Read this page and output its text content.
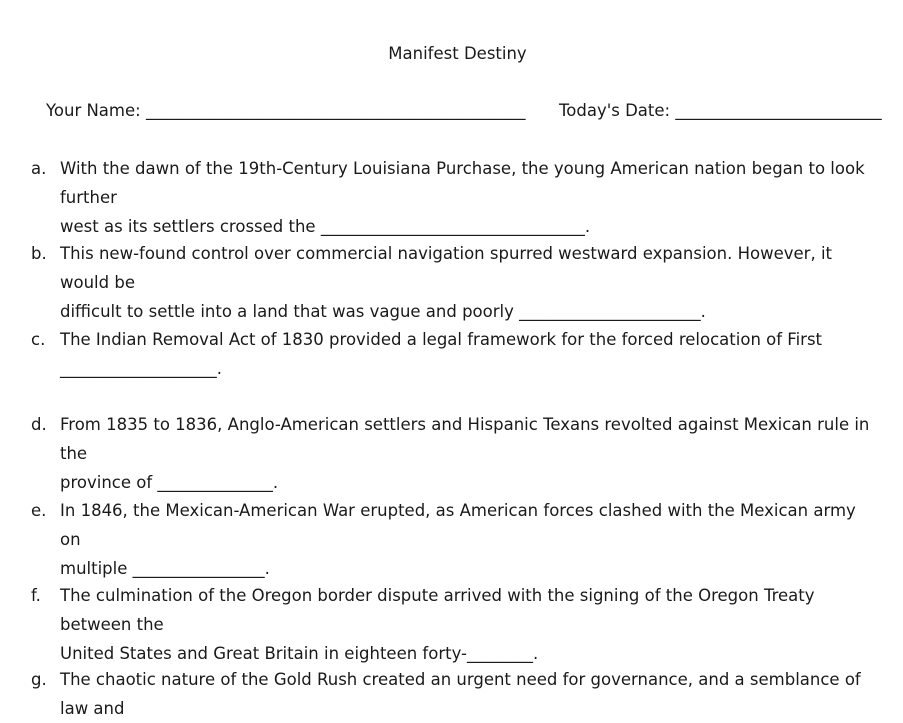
Manifest Destiny
Your Name: ______________________________________________ Today's Date: _________________________
a. With the dawn of the 19th-Century Louisiana Purchase, the young American nation began to look further
west as its settlers crossed the ________________________________.
b. This new-found control over commercial navigation spurred westward expansion. However, it would be
difficult to settle into a land that was vague and poorly ______________________.
c. The Indian Removal Act of 1830 provided a legal framework for the forced relocation of First
___________________.
d. From 1835 to 1836, Anglo-American settlers and Hispanic Texans revolted against Mexican rule in the
province of ______________.
e. In 1846, the Mexican-American War erupted, as American forces clashed with the Mexican army on
multiple ________________.
f.	The culmination of the Oregon border dispute arrived with the signing of the Oregon Treaty between the
United States and Great Britain in eighteen forty-________.
g. The chaotic nature of the Gold Rush created an urgent need for governance, and a semblance of law and
